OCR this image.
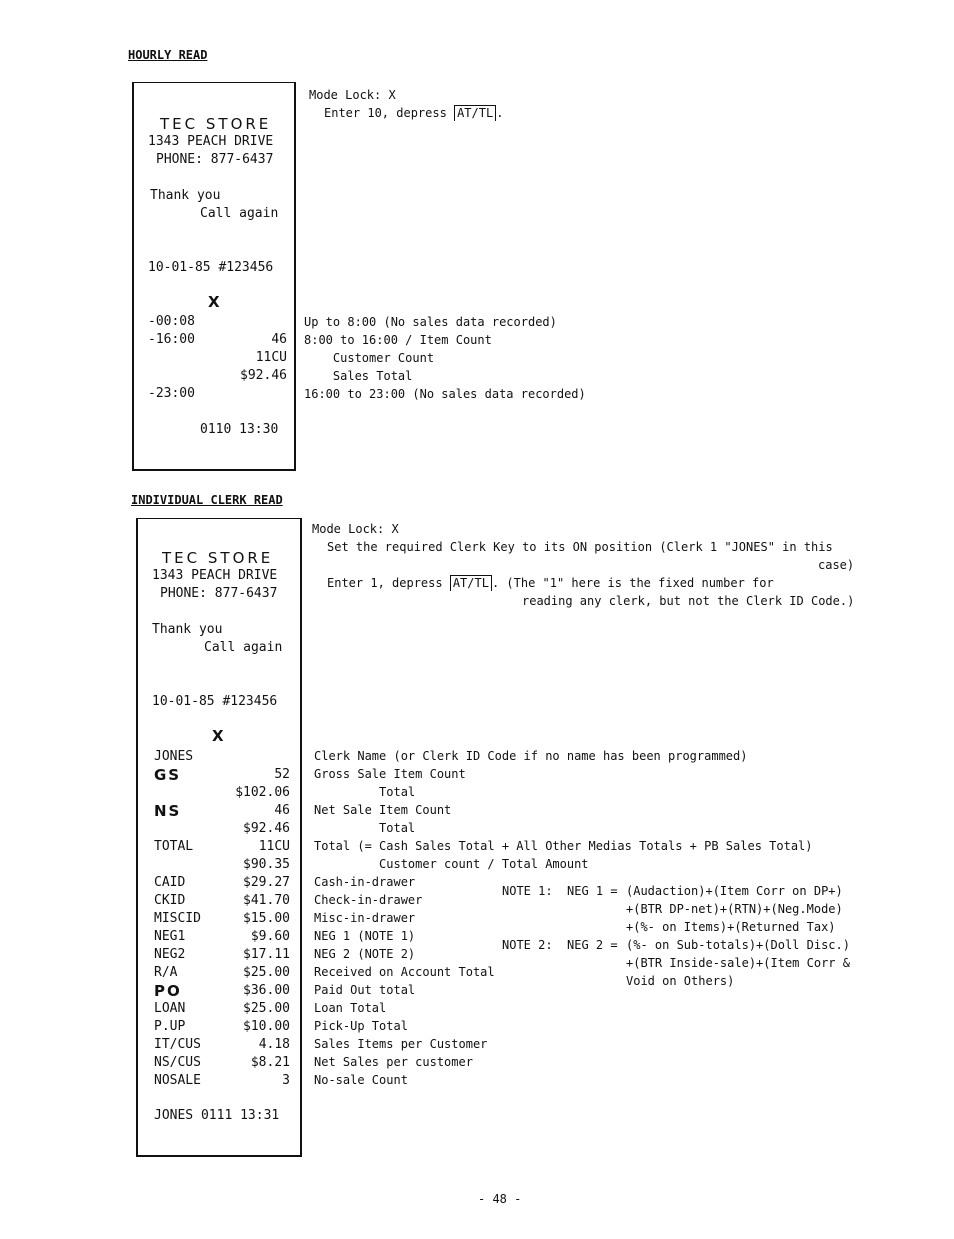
HOURLY READ
TEC STORE
1343 PEACH DRIVE
PHONE: 877-6437
Thank you
Call again
10-01-85 #123456
X
-00:08
-16:00	46
11CU
$92.46
-23:00
0110 13:30
Mode Lock: X
Enter 10, depress AT/TL .
Up to 8:00 (No sales data recorded)
8:00 to 16:00 / Item Count
Customer Count
Sales Total
16:00 to 23:00 (No sales data recorded)
INDIVIDUAL CLERK READ
TEC STORE
1343 PEACH DRIVE
PHONE: 877-6437
Thank you
Call again
10-01-85 #123456
X
JONES
GS	52
$102.06
NS	46
$92.46
TOTAL	11CU
$90.35
CAID	$29.27
CKID	$41.70
MISCID	$15.00
NEG1	$9.60
NEG2	$17.11
R/A	$25.00
PO	$36.00
LOAN	$25.00
P.UP	$10.00
IT/CUS	4.18
NS/CUS	$8.21
NOSALE	3
JONES 0111 13:31
Mode Lock: X
Set the required Clerk Key to its ON position (Clerk 1 "JONES" in this
case)
Enter 1, depress AT/TL . (The "1" here is the fixed number for
reading any clerk, but not the Clerk ID Code.)
Clerk Name (or Clerk ID Code if no name has been programmed)
Gross Sale Item Count
Total
Net Sale Item Count
Total
Total (= Cash Sales Total + All Other Medias Totals + PB Sales Total)
Customer count / Total Amount
Cash-in-drawer
Check-in-drawer
Misc-in-drawer
NEG 1 (NOTE 1)
NEG 2 (NOTE 2)
Received on Account Total
Paid Out total
Loan Total
Pick-Up Total
Sales Items per Customer
Net Sales per customer
No-sale Count
NOTE 1: NEG 1 = (Audaction)+(Item Corr on DP+)
+(BTR DP-net)+(RTN)+(Neg.Mode)
+(%- on Items)+(Returned Tax)
NOTE 2: NEG 2 = (%- on Sub-totals)+(Doll Disc.)
+(BTR Inside-sale)+(Item Corr &
Void on Others)
- 48 -
